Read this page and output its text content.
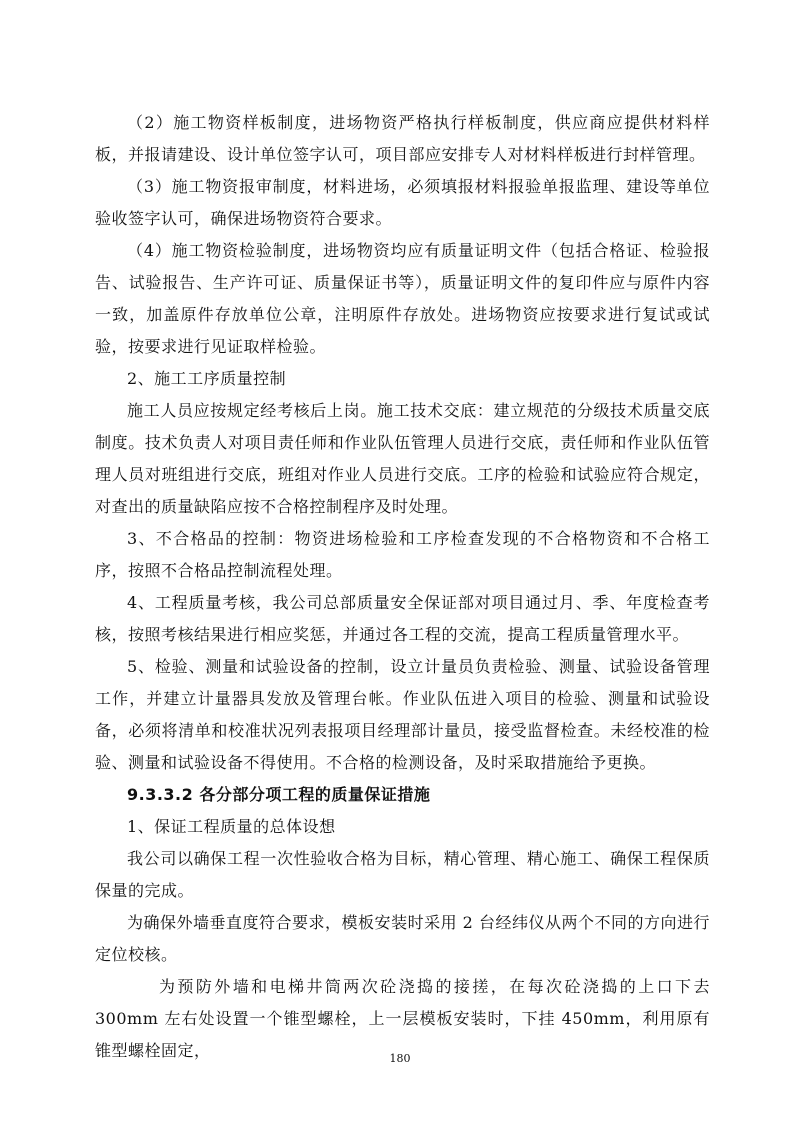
（2）施工物资样板制度，进场物资严格执行样板制度，供应商应提供材料样板，并报请建设、设计单位签字认可，项目部应安排专人对材料样板进行封样管理。

（3）施工物资报审制度，材料进场，必须填报材料报验单报监理、建设等单位验收签字认可，确保进场物资符合要求。

（4）施工物资检验制度，进场物资均应有质量证明文件（包括合格证、检验报告、试验报告、生产许可证、质量保证书等），质量证明文件的复印件应与原件内容一致，加盖原件存放单位公章，注明原件存放处。进场物资应按要求进行复试或试验，按要求进行见证取样检验。

2、施工工序质量控制

施工人员应按规定经考核后上岗。施工技术交底：建立规范的分级技术质量交底制度。技术负责人对项目责任师和作业队伍管理人员进行交底，责任师和作业队伍管理人员对班组进行交底，班组对作业人员进行交底。工序的检验和试验应符合规定，对查出的质量缺陷应按不合格控制程序及时处理。

3、不合格品的控制：物资进场检验和工序检查发现的不合格物资和不合格工序，按照不合格品控制流程处理。

4、工程质量考核，我公司总部质量安全保证部对项目通过月、季、年度检查考核，按照考核结果进行相应奖惩，并通过各工程的交流，提高工程质量管理水平。

5、检验、测量和试验设备的控制，设立计量员负责检验、测量、试验设备管理工作，并建立计量器具发放及管理台帐。作业队伍进入项目的检验、测量和试验设备，必须将清单和校准状况列表报项目经理部计量员，接受监督检查。未经校准的检验、测量和试验设备不得使用。不合格的检测设备，及时采取措施给予更换。

9.3.3.2 各分部分项工程的质量保证措施

1、保证工程质量的总体设想

我公司以确保工程一次性验收合格为目标，精心管理、精心施工、确保工程保质保量的完成。

为确保外墙垂直度符合要求，模板安装时采用 2 台经纬仪从两个不同的方向进行定位校核。

为预防外墙和电梯井筒两次砼浇捣的接搓，在每次砼浇捣的上口下去 300mm 左右处设置一个锥型螺栓，上一层模板安装时，下挂 450mm，利用原有锥型螺栓固定，	180
